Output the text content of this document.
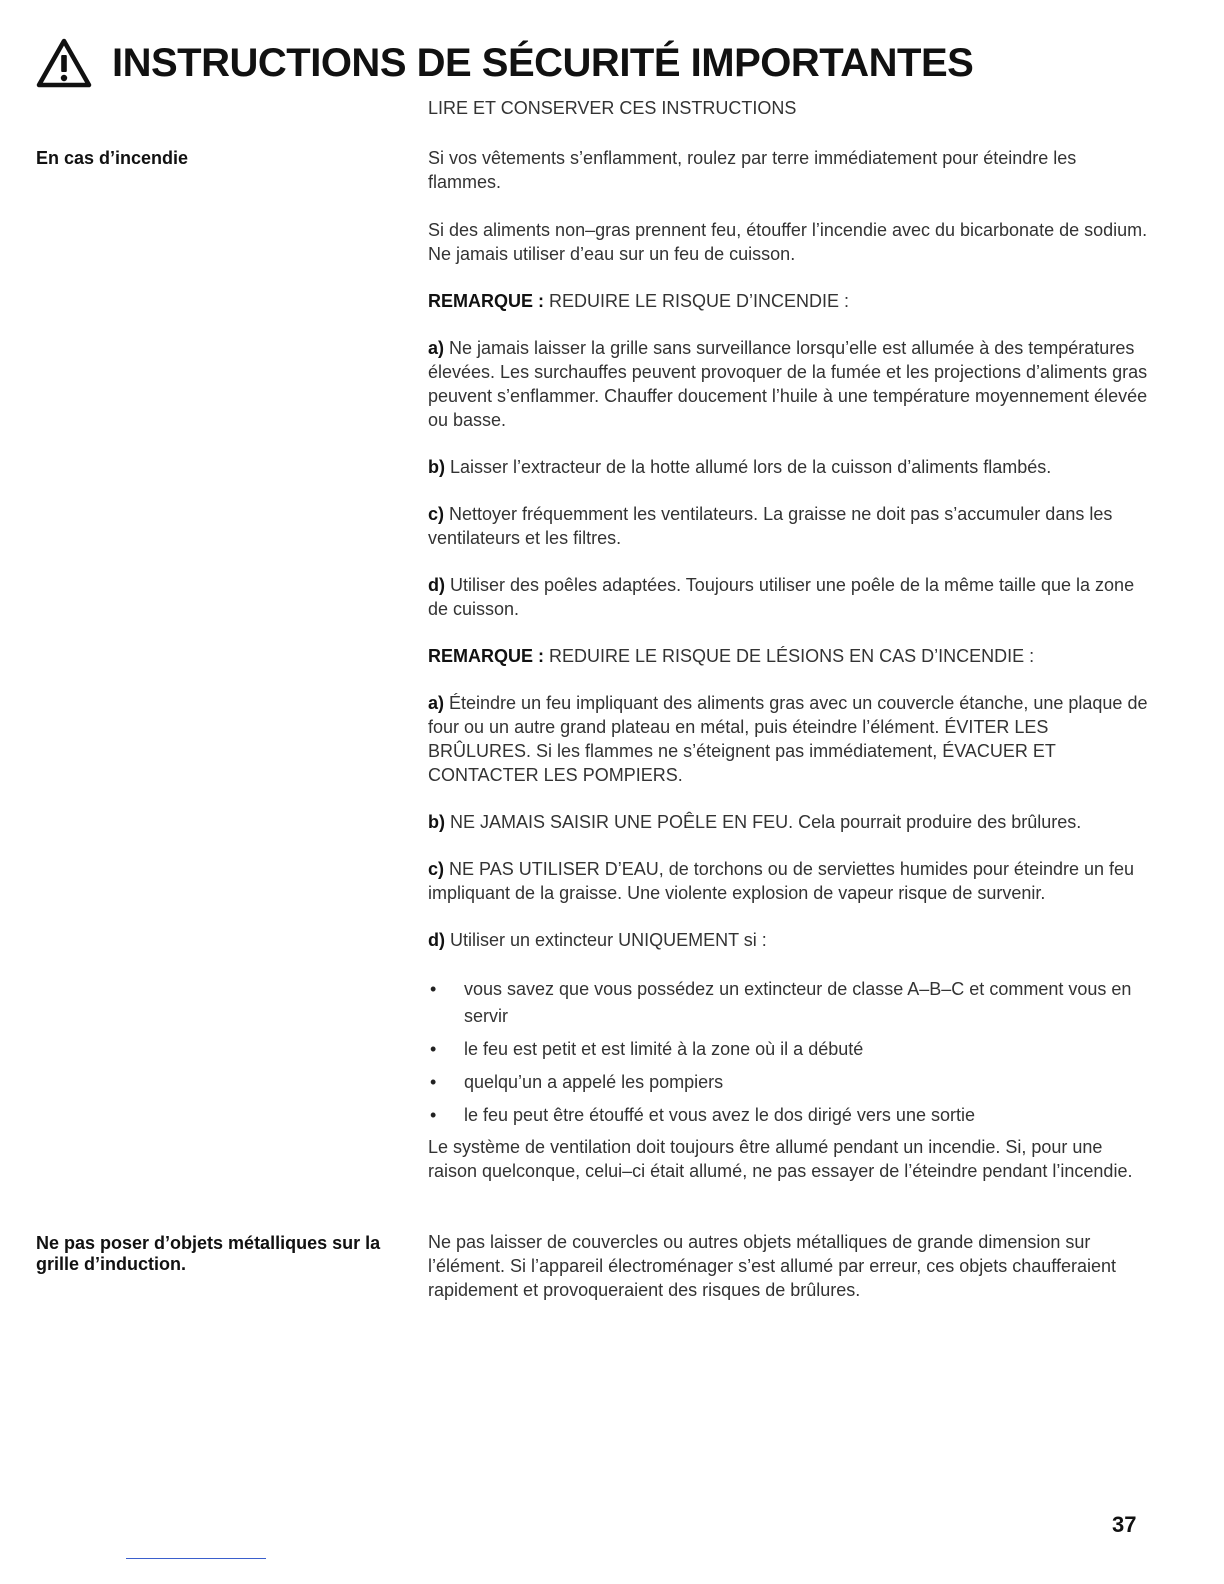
INSTRUCTIONS DE SÉCURITÉ IMPORTANTES
LIRE ET CONSERVER CES INSTRUCTIONS
En cas d’incendie	Si vos vêtements s’enflamment, roulez par terre immédiatement pour éteindre les flammes.

Si des aliments non–gras prennent feu, étouffer l’incendie avec du bicarbonate de sodium. Ne jamais utiliser d’eau sur un feu de cuisson.

REMARQUE : REDUIRE LE RISQUE D’INCENDIE :

a) Ne jamais laisser la grille sans surveillance lorsqu’elle est allumée à des températures élevées. Les surchauffes peuvent provoquer de la fumée et les projections d’aliments gras peuvent s’enflammer. Chauffer doucement l’huile à une température moyennement élevée ou basse.

b) Laisser l’extracteur de la hotte allumé lors de la cuisson d’aliments flambés.

c) Nettoyer fréquemment les ventilateurs. La graisse ne doit pas s’accumuler dans les ventilateurs et les filtres.

d) Utiliser des poêles adaptées. Toujours utiliser une poêle de la même taille que la zone de cuisson.

REMARQUE : REDUIRE LE RISQUE DE LÉSIONS EN CAS D’INCENDIE :

a) Éteindre un feu impliquant des aliments gras avec un couvercle étanche, une plaque de four ou un autre grand plateau en métal, puis éteindre l’élément. ÉVITER LES BRÛLURES. Si les flammes ne s’éteignent pas immédiatement, ÉVACUER ET CONTACTER LES POMPIERS.

b) NE JAMAIS SAISIR UNE POÊLE EN FEU. Cela pourrait produire des brûlures.

c) NE PAS UTILISER D’EAU, de torchons ou de serviettes humides pour éteindre un feu impliquant de la graisse. Une violente explosion de vapeur risque de survenir.

d) Utiliser un extincteur UNIQUEMENT si :

• vous savez que vous possédez un extincteur de classe A–B–C et comment vous en servir
• le feu est petit et est limité à la zone où il a débuté
• quelqu’un a appelé les pompiers
• le feu peut être étouffé et vous avez le dos dirigé vers une sortie

Le système de ventilation doit toujours être allumé pendant un incendie. Si, pour une raison quelconque, celui–ci était allumé, ne pas essayer de l’éteindre pendant l’incendie.

Ne pas poser d’objets métalliques sur la grille d’induction.

Ne pas laisser de couvercles ou autres objets métalliques de grande dimension sur l’élément. Si l’appareil électroménager s’est allumé par erreur, ces objets chaufferaient rapidement et provoqueraient des risques de brûlures.

37
